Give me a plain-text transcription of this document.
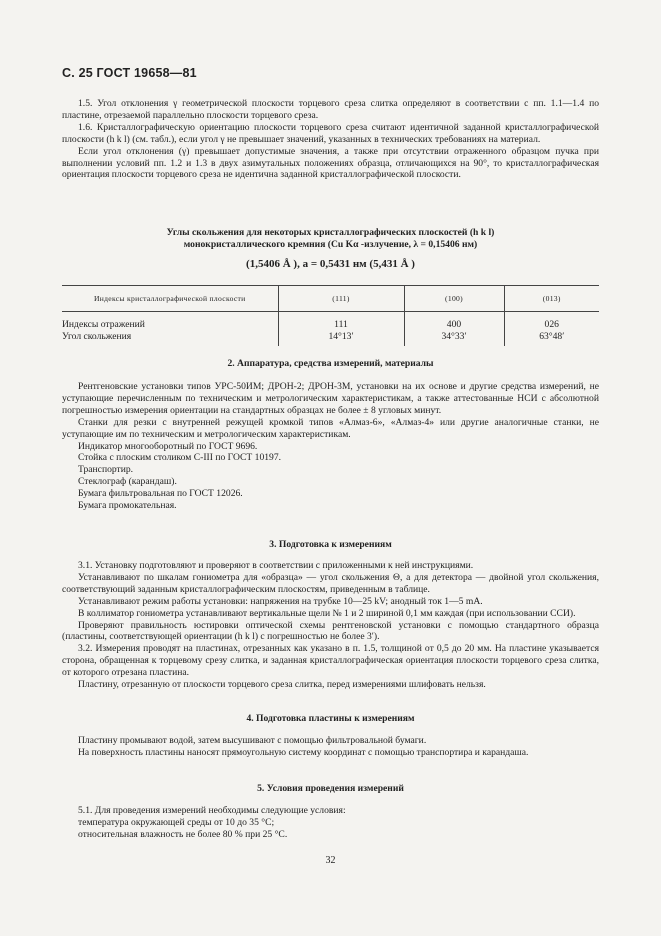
С. 25 ГОСТ 19658—81

1.5. Угол отклонения γ геометрической плоскости торцевого среза слитка определяют в соответствии с пп. 1.1—1.4 по пластине, отрезаемой параллельно плоскости торцевого среза.

1.6. Кристаллографическую ориентацию плоскости торцевого среза считают идентичной заданной кристаллографической плоскости (h k l) (см. табл.), если угол γ не превышает значений, указанных в технических требованиях на материал.

Если угол отклонения (γ) превышает допустимые значения, а также при отсутствии отраженного образцом пучка при выполнении условий пп. 1.2 и 1.3 в двух азимутальных положениях образца, отличающихся на 90°, то кристаллографическая ориентация плоскости торцевого среза не идентична заданной кристаллографической плоскости.

Углы скольжения для некоторых кристаллографических плоскостей (h k l)
монокристаллического кремния (Cu Kα -излучение, λ = 0,15406 нм)
(1,5406 Å ), a = 0,5431 нм (5,431 Å )
Индексы кристаллографической плоскости	(111)	(100)	(013)
Индексы отражений	111	400	026
Угол скольжения	14°13′	34°33′	63°48′
2. Аппаратура, средства измерений, материалы

Рентгеновские установки типов УРС-50ИМ; ДРОН-2; ДРОН-3М, установки на их основе и другие средства измерений, не уступающие перечисленным по техническим и метрологическим характеристикам, а также аттестованные НСИ с абсолютной погрешностью измерения ориентации на стандартных образцах не более ± 8 угловых минут.

Станки для резки с внутренней режущей кромкой типов «Алмаз-6», «Алмаз-4» или другие аналогичные станки, не уступающие им по техническим и метрологическим характеристикам.

Индикатор многооборотный по ГОСТ 9696.

Стойка с плоским столиком С-III по ГОСТ 10197.

Транспортир.

Стеклограф (карандаш).

Бумага фильтровальная по ГОСТ 12026.

Бумага промокательная.

3. Подготовка к измерениям

3.1. Установку подготовляют и проверяют в соответствии с приложенными к ней инструкциями.

Устанавливают по шкалам гониометра для «образца» — угол скольжения Θ, а для детектора — двойной угол скольжения, соответствующий заданным кристаллографическим плоскостям, приведенным в таблице.

Устанавливают режим работы установки: напряжения на трубке 10—25 kV; анодный ток 1—5 mA.

В коллиматор гониометра устанавливают вертикальные щели № 1 и 2 шириной 0,1 мм каждая (при использовании ССИ).

Проверяют правильность юстировки оптической схемы рентгеновской установки с помощью стандартного образца (пластины, соответствующей ориентации (h k l) с погрешностью не более 3′).

3.2. Измерения проводят на пластинах, отрезанных как указано в п. 1.5, толщиной от 0,5 до 20 мм. На пластине указывается сторона, обращенная к торцевому срезу слитка, и заданная кристаллографическая ориентация плоскости торцевого среза слитка, от которого отрезана пластина.

Пластину, отрезанную от плоскости торцевого среза слитка, перед измерениями шлифовать нельзя.

4. Подготовка пластины к измерениям

Пластину промывают водой, затем высушивают с помощью фильтровальной бумаги.

На поверхность пластины наносят прямоугольную систему координат с помощью транспортира и карандаша.

5. Условия проведения измерений

5.1. Для проведения измерений необходимы следующие условия:

температура окружающей среды от 10 до 35 °С;

относительная влажность не более 80 % при 25 °С.

32
